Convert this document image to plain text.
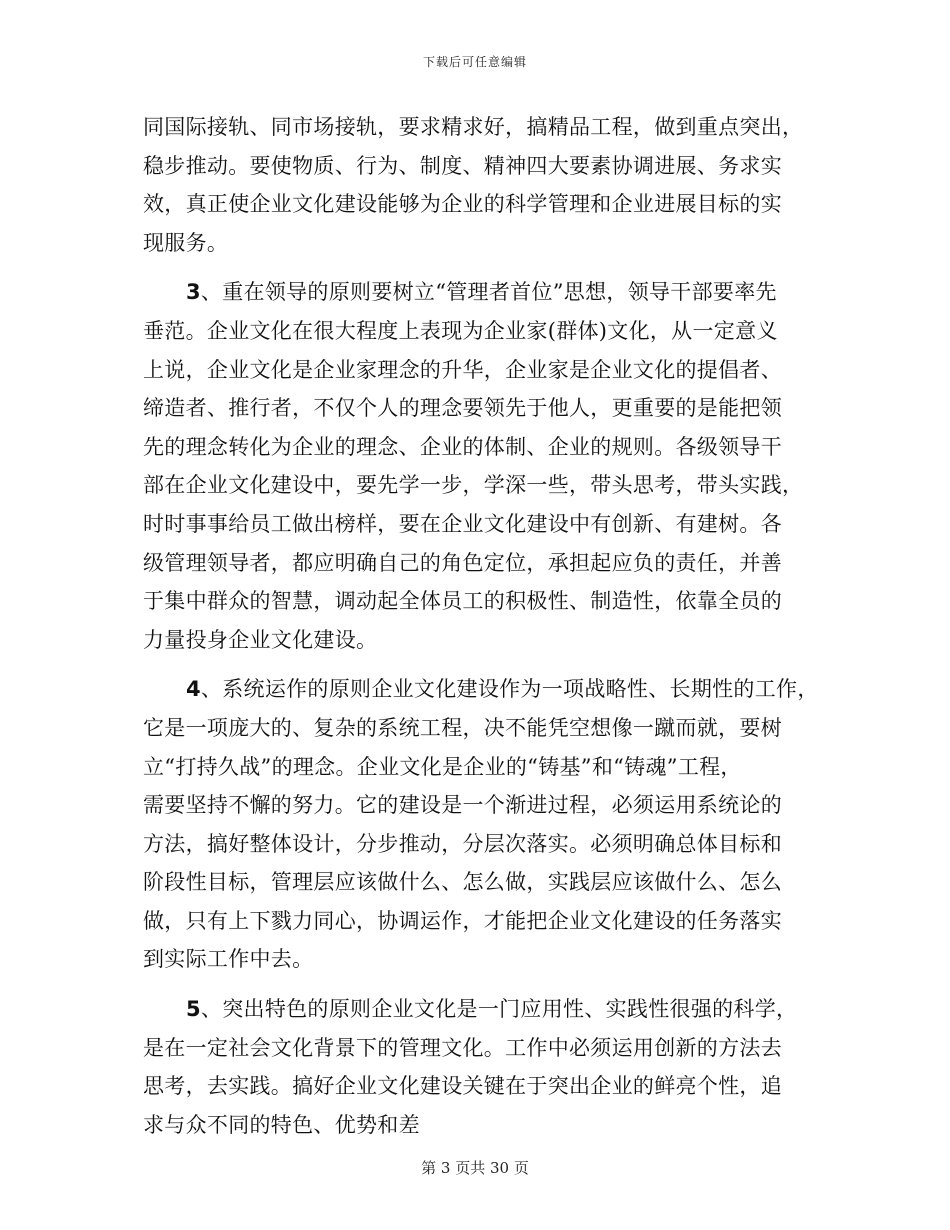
下载后可任意编辑
同国际接轨、同市场接轨，要求精求好，搞精品工程，做到重点突出，
稳步推动。要使物质、行为、制度、精神四大要素协调进展、务求实
效，真正使企业文化建设能够为企业的科学管理和企业进展目标的实
现服务。
3、重在领导的原则要树立“管理者首位”思想，领导干部要率先
垂范。企业文化在很大程度上表现为企业家(群体)文化，从一定意义
上说，企业文化是企业家理念的升华，企业家是企业文化的提倡者、
缔造者、推行者，不仅个人的理念要领先于他人，更重要的是能把领
先的理念转化为企业的理念、企业的体制、企业的规则。各级领导干
部在企业文化建设中，要先学一步，学深一些，带头思考，带头实践，
时时事事给员工做出榜样，要在企业文化建设中有创新、有建树。各
级管理领导者，都应明确自己的角色定位，承担起应负的责任，并善
于集中群众的智慧，调动起全体员工的积极性、制造性，依靠全员的
力量投身企业文化建设。
4、系统运作的原则企业文化建设作为一项战略性、长期性的工作，
它是一项庞大的、复杂的系统工程，决不能凭空想像一蹴而就，要树
立“打持久战”的理念。企业文化是企业的“铸基”和“铸魂”工程，
需要坚持不懈的努力。它的建设是一个渐进过程，必须运用系统论的
方法，搞好整体设计，分步推动，分层次落实。必须明确总体目标和
阶段性目标，管理层应该做什么、怎么做，实践层应该做什么、怎么
做，只有上下戮力同心，协调运作，才能把企业文化建设的任务落实
到实际工作中去。
5、突出特色的原则企业文化是一门应用性、实践性很强的科学，
是在一定社会文化背景下的管理文化。工作中必须运用创新的方法去
思考，去实践。搞好企业文化建设关键在于突出企业的鲜亮个性，追
求与众不同的特色、优势和差
第 3 页共 30 页
